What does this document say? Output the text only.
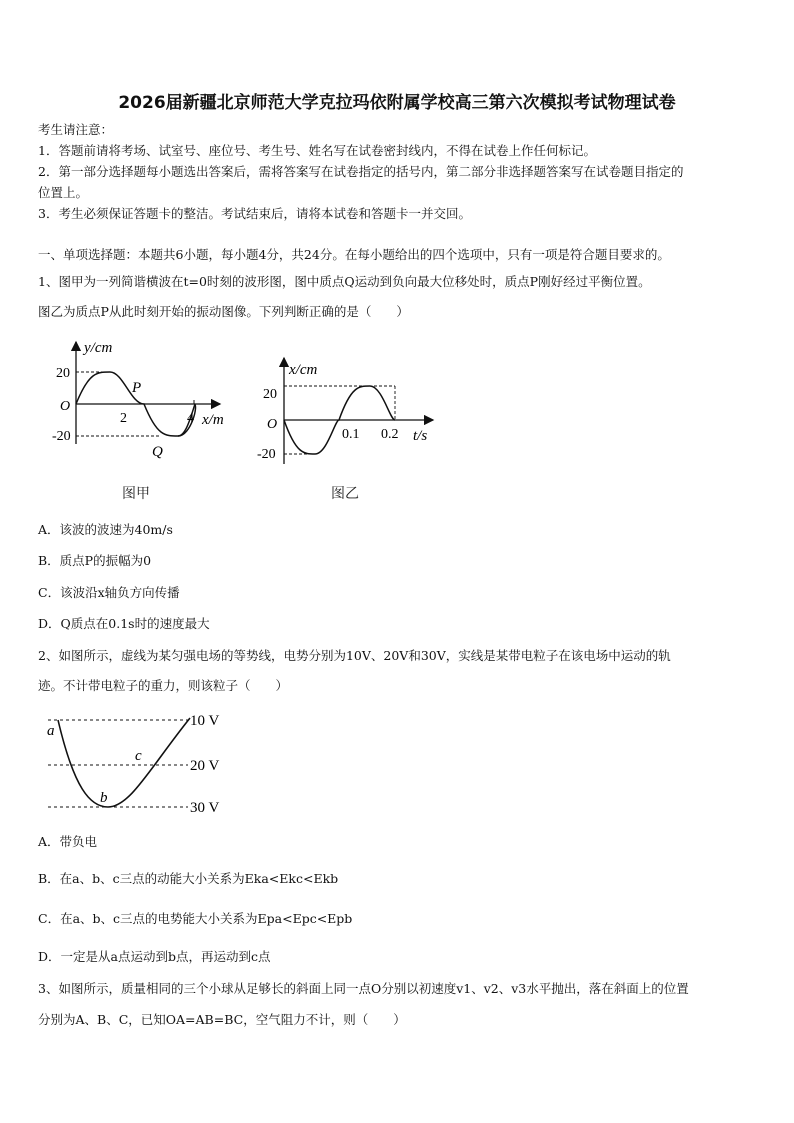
2026届新疆北京师范大学克拉玛依附属学校高三第六次模拟考试物理试卷
考生请注意：
1．答题前请将考场、试室号、座位号、考生号、姓名写在试卷密封线内，不得在试卷上作任何标记。
2．第一部分选择题每小题选出答案后，需将答案写在试卷指定的括号内，第二部分非选择题答案写在试卷题目指定的
位置上。
3．考生必须保证答题卡的整洁。考试结束后，请将本试卷和答题卡一并交回。
一、单项选择题：本题共6小题，每小题4分，共24分。在每小题给出的四个选项中，只有一项是符合题目要求的。
1、图甲为一列简谐横波在t=0时刻的波形图，图中质点Q运动到负向最大位移处时，质点P刚好经过平衡位置。
图乙为质点P从此时刻开始的振动图像。下列判断正确的是（　　）
y/cm
20
O
-20
P
2	4 x/m
Q
图甲
x/cm
20
O
-20
0.1 0.2 t/s
图乙
A．该波的波速为40m/s
B．质点P的振幅为0
C．该波沿x轴负方向传播
D．Q质点在0.1s时的速度最大
2、如图所示，虚线为某匀强电场的等势线，电势分别为10V、20V和30V，实线是某带电粒子在该电场中运动的轨
迹。不计带电粒子的重力，则该粒子（　　）
10 V
20 V
30 V
a
c
b
A．带负电
B．在a、b、c三点的动能大小关系为Eka<Ekc<Ekb
C．在a、b、c三点的电势能大小关系为Epa<Epc<Epb
D．一定是从a点运动到b点，再运动到c点
3、如图所示，质量相同的三个小球从足够长的斜面上同一点O分别以初速度v1、v2、v3水平抛出，落在斜面上的位置
分别为A、B、C，已知OA=AB=BC，空气阻力不计，则（　　）
